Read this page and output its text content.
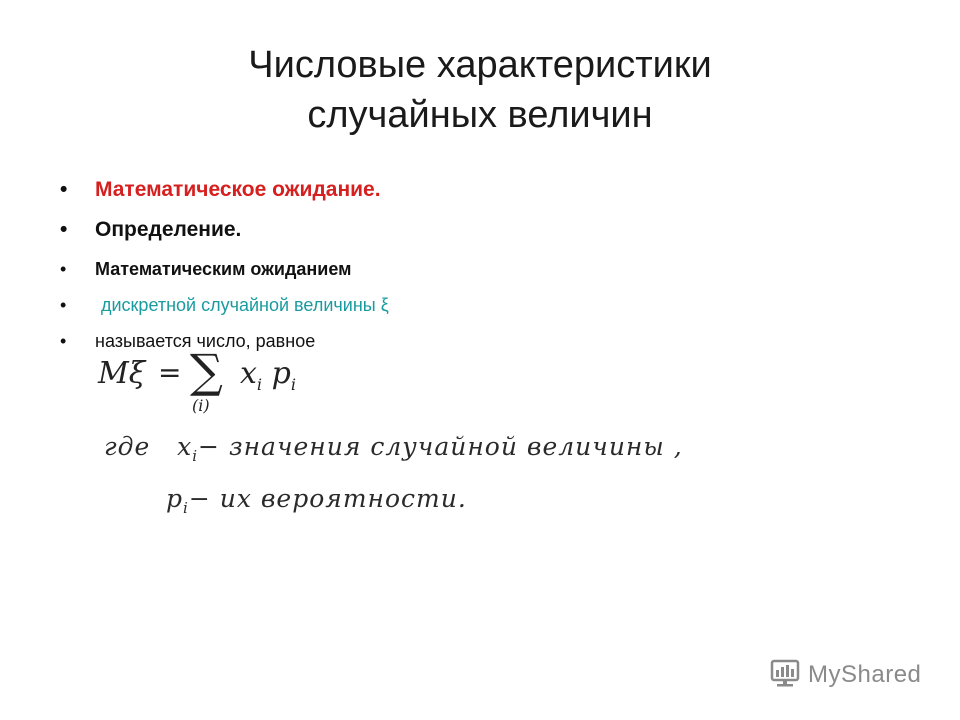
Числовые характеристики
случайных величин
• Математическое ожидание.
• Определение.
• Математическим ожиданием
• дискретной случайной величины ξ
• называется число, равное
Mξ = ∑
(i)
$x_i$ $p_i$
где $x_i-$ значения случайной величины ,
$p_i-$ их вероятности.
MyShared
